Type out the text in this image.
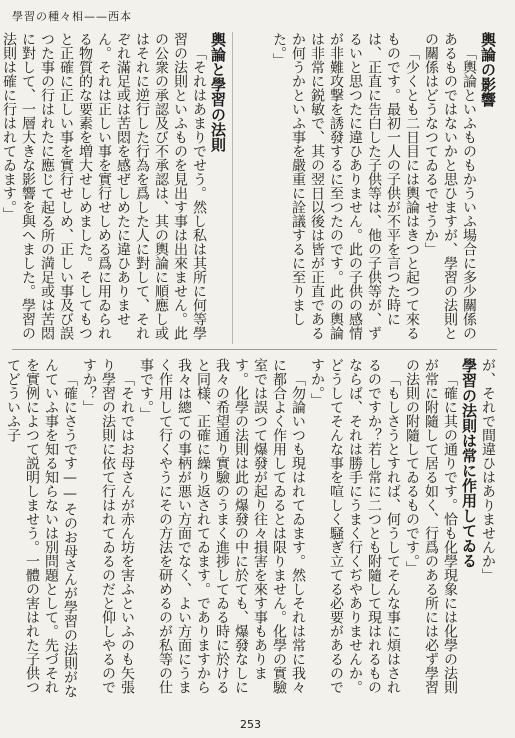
學習の種々相——西本
輿論の影響

「輿論といふものもかういふ場合に多少關係のあるものではないかと思ひますが、學習の法則との關係はどうなつてゐるでせうか」

「少くとも二日目には輿論はきつと起つて來るものです。最初一人の子供が不平を言つた時には、正直に告白した子供等は、他の子供等が、ずるいと思つたに違ひありません。此の子供の感情が非難攻撃を誘發するに至つたのです。此の輿論は非常に鋭敏で、其の翌日以後は皆が正直であるか何うかといふ事を嚴重に詮議するに至りました。」

輿論と學習の法則

「それはあまりでせう。然し私は其所に何等學習の法則といふものを見出す事は出來ません。此の公衆の承認及び不承認は、其の輿論に順應し或はそれに逆行した行為を爲した人に對して、それぞれ滿足或は苦悶を感ぜしめたに違ひありません。それは正しい事を實行せしめる爲に用ゐられる物質的な要素を増大せしめました。そしてもつと正確に正しい事を實行せしめ、正しい事及び誤つた事の行はれたに應じて起る所の満足或は苦悶に對して、一層大きな影響を與へました。學習の法則は確に行はれてゐます。」

が、それで間違ひはありませんか」

學習の法則は常に作用してゐる

「確に其の通りです。恰も化學現象には化學の法則が常に附隨して居る如く、行爲のある所には必ず學習の法則の附隨してゐるものです。」

「もしさうとすれば、何うしてそんな事に煩はされるのですか？若し常に二つとも附隨して現はれるものならば、それは勝手にうまく行くぢやありませんか。どうしてそんな事を喧しく騒ぎ立てる必要があるのですか。」

「勿論いつも現はれてゐます。然しそれは常に我々に都合よく作用してゐるとは限りません。化學の實驗室では誤つて爆發が起り往々損害を來す事もあります。化學の法則は此の爆發の中に於ても、爆發なしに我々の希望通り實驗のうまく進捗してゐる時に於けると同様、正確に繰り返されてゐます。でありますから我々は總ての事柄が悪い方面でなく、よい方面にうまく作用して行くやうにその方法を研めるのが私等の仕事です。」

「それではお母さんが赤ん坊を害ふといふのも矢張り學習の法則に依て行はれてゐるのだと仰しやるのですか？」

「確にさうです——そのお母さんが學習の法則がなんていふ事を知る知らないは別問題として。先づそれを實例によつて説明しませう。一體の害はれた子供つてどういふ子

253
